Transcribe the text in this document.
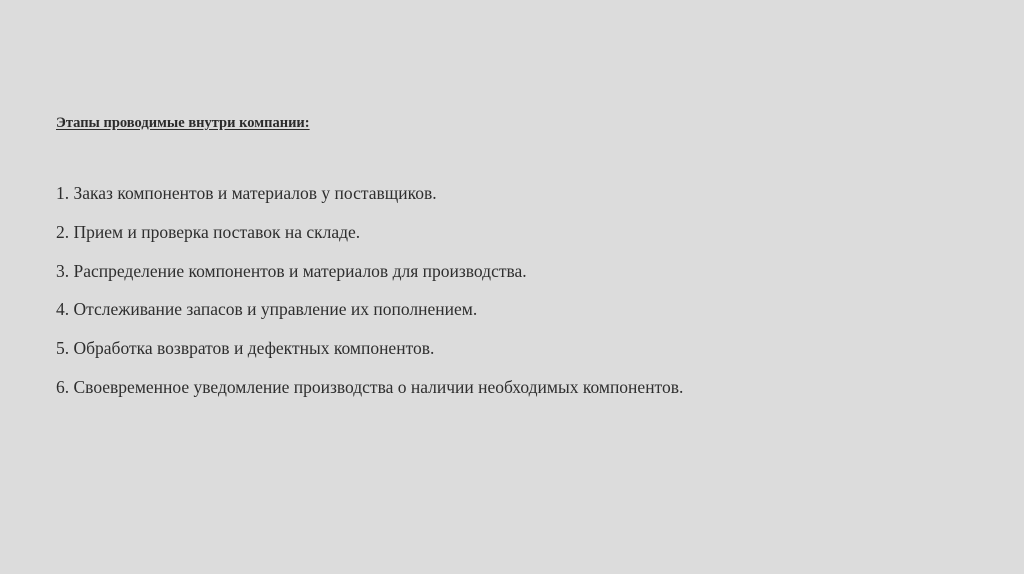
Этапы проводимые внутри компании:

1. Заказ компонентов и материалов у поставщиков.
2. Прием и проверка поставок на складе.
3. Распределение компонентов и материалов для производства.
4. Отслеживание запасов и управление их пополнением.
5. Обработка возвратов и дефектных компонентов.
6. Своевременное уведомление производства о наличии необходимых компонентов.
